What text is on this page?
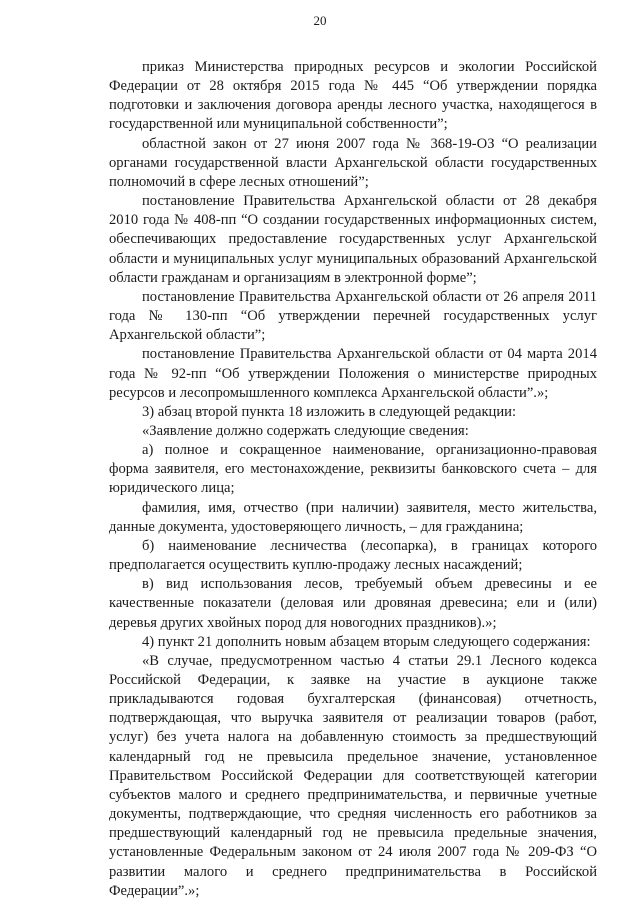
20

приказ Министерства природных ресурсов и экологии Российской Федерации от 28 октября 2015 года № 445 “Об утверждении порядка подготовки и заключения договора аренды лесного участка, находящегося в государственной или муниципальной собственности”;

областной закон от 27 июня 2007 года № 368-19-ОЗ “О реализации органами государственной власти Архангельской области государственных полномочий в сфере лесных отношений”;

постановление Правительства Архангельской области от 28 декабря 2010 года № 408-пп “О создании государственных информационных систем, обеспечивающих предоставление государственных услуг Архангельской области и муниципальных услуг муниципальных образований Архангельской области гражданам и организациям в электронной форме”;

постановление Правительства Архангельской области от 26 апреля 2011 года № 130-пп “Об утверждении перечней государственных услуг Архангельской области”;

постановление Правительства Архангельской области от 04 марта 2014 года № 92-пп “Об утверждении Положения о министерстве природных ресурсов и лесопромышленного комплекса Архангельской области”.»;

3) абзац второй пункта 18 изложить в следующей редакции:

«Заявление должно содержать следующие сведения:

а) полное и сокращенное наименование, организационно-правовая форма заявителя, его местонахождение, реквизиты банковского счета – для юридического лица;

фамилия, имя, отчество (при наличии) заявителя, место жительства, данные документа, удостоверяющего личность, – для гражданина;

б) наименование лесничества (лесопарка), в границах которого предполагается осуществить куплю-продажу лесных насаждений;

в) вид использования лесов, требуемый объем древесины и ее качественные показатели (деловая или дровяная древесина; ели и (или) деревья других хвойных пород для новогодних праздников).»;

4) пункт 21 дополнить новым абзацем вторым следующего содержания:

«В случае, предусмотренном частью 4 статьи 29.1 Лесного кодекса Российской Федерации, к заявке на участие в аукционе также прикладываются годовая бухгалтерская (финансовая) отчетность, подтверждающая, что выручка заявителя от реализации товаров (работ, услуг) без учета налога на добавленную стоимость за предшествующий календарный год не превысила предельное значение, установленное Правительством Российской Федерации для соответствующей категории субъектов малого и среднего предпринимательства, и первичные учетные документы, подтверждающие, что средняя численность его работников за предшествующий календарный год не превысила предельные значения, установленные Федеральным законом от 24 июля 2007 года № 209-ФЗ “О развитии малого и среднего предпринимательства в Российской Федерации”.»;
